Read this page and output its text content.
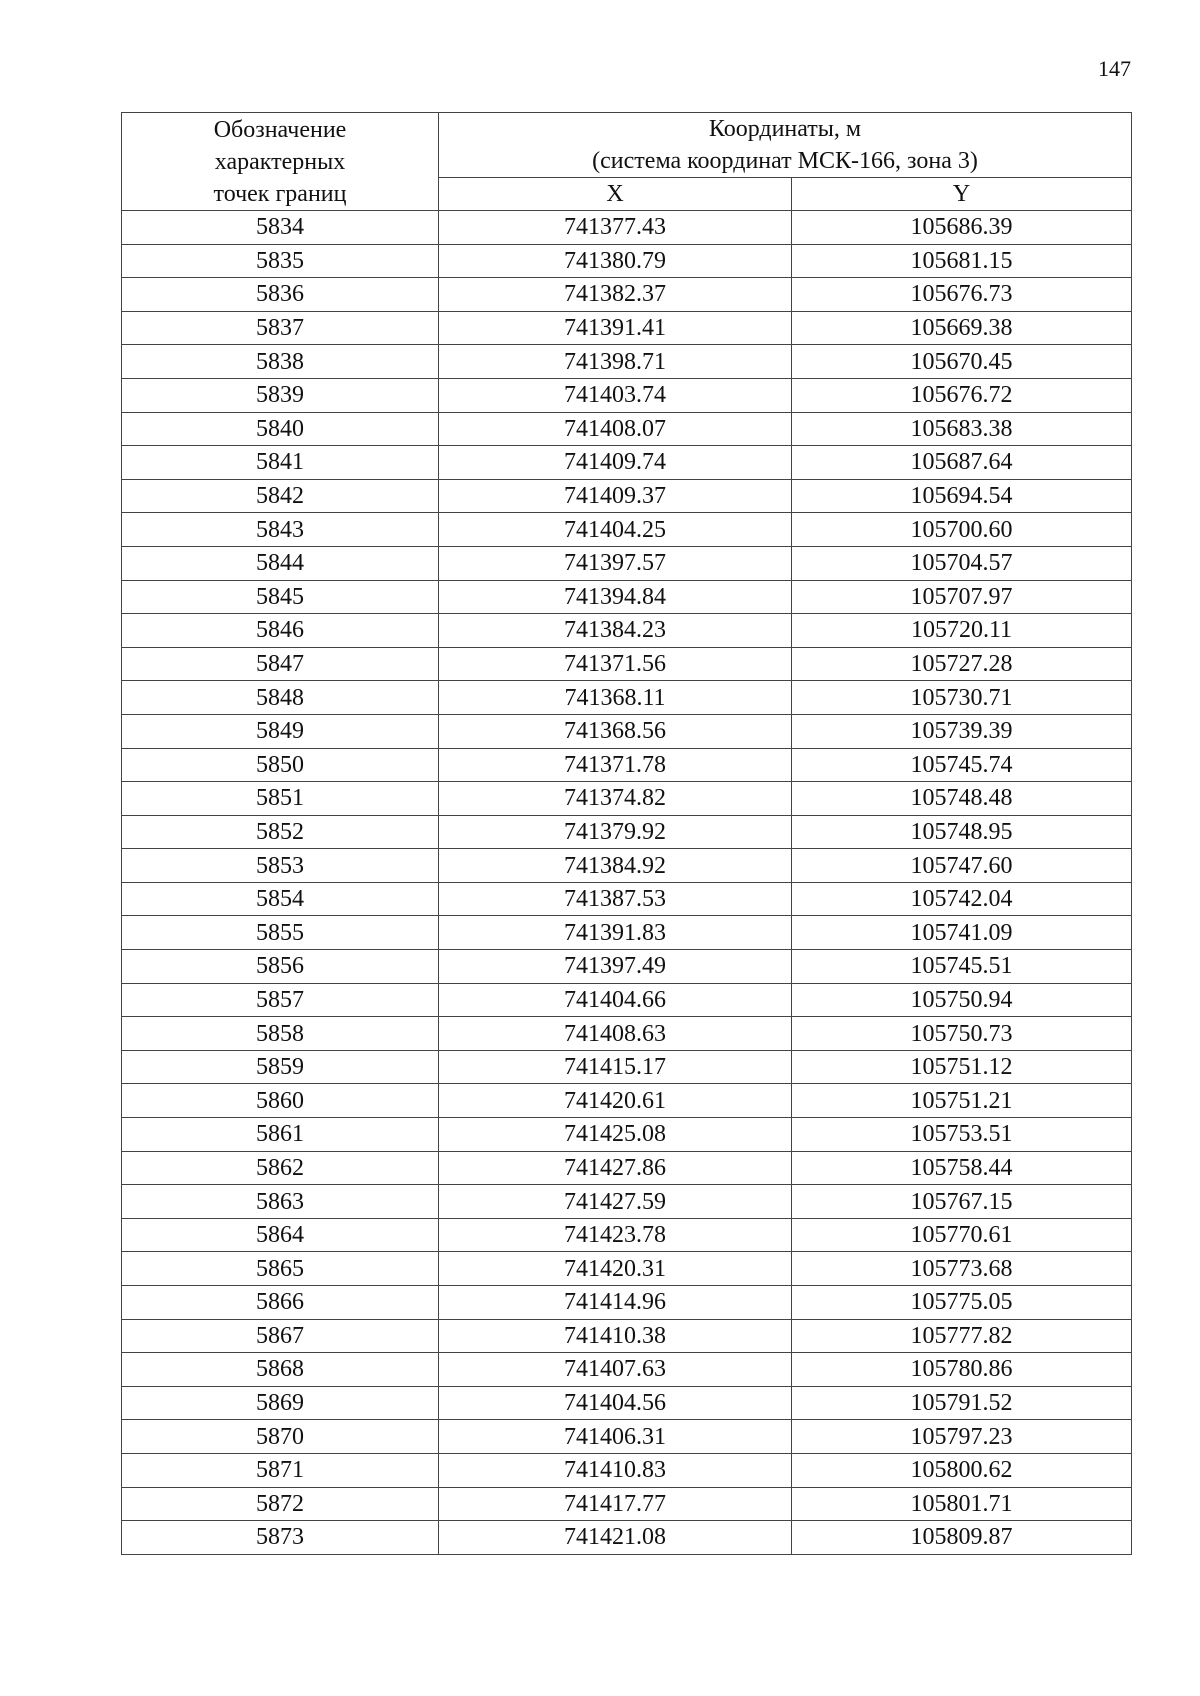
147
Обозначение
характерных
точек границ	Координаты, м
(система координат МСК-166, зона 3)	

	X	Y
5834	741377.43	105686.39
5835	741380.79	105681.15
5836	741382.37	105676.73
5837	741391.41	105669.38
5838	741398.71	105670.45
5839	741403.74	105676.72
5840	741408.07	105683.38
5841	741409.74	105687.64
5842	741409.37	105694.54
5843	741404.25	105700.60
5844	741397.57	105704.57
5845	741394.84	105707.97
5846	741384.23	105720.11
5847	741371.56	105727.28
5848	741368.11	105730.71
5849	741368.56	105739.39
5850	741371.78	105745.74
5851	741374.82	105748.48
5852	741379.92	105748.95
5853	741384.92	105747.60
5854	741387.53	105742.04
5855	741391.83	105741.09
5856	741397.49	105745.51
5857	741404.66	105750.94
5858	741408.63	105750.73
5859	741415.17	105751.12
5860	741420.61	105751.21
5861	741425.08	105753.51
5862	741427.86	105758.44
5863	741427.59	105767.15
5864	741423.78	105770.61
5865	741420.31	105773.68
5866	741414.96	105775.05
5867	741410.38	105777.82
5868	741407.63	105780.86
5869	741404.56	105791.52
5870	741406.31	105797.23
5871	741410.83	105800.62
5872	741417.77	105801.71
5873	741421.08	105809.87
